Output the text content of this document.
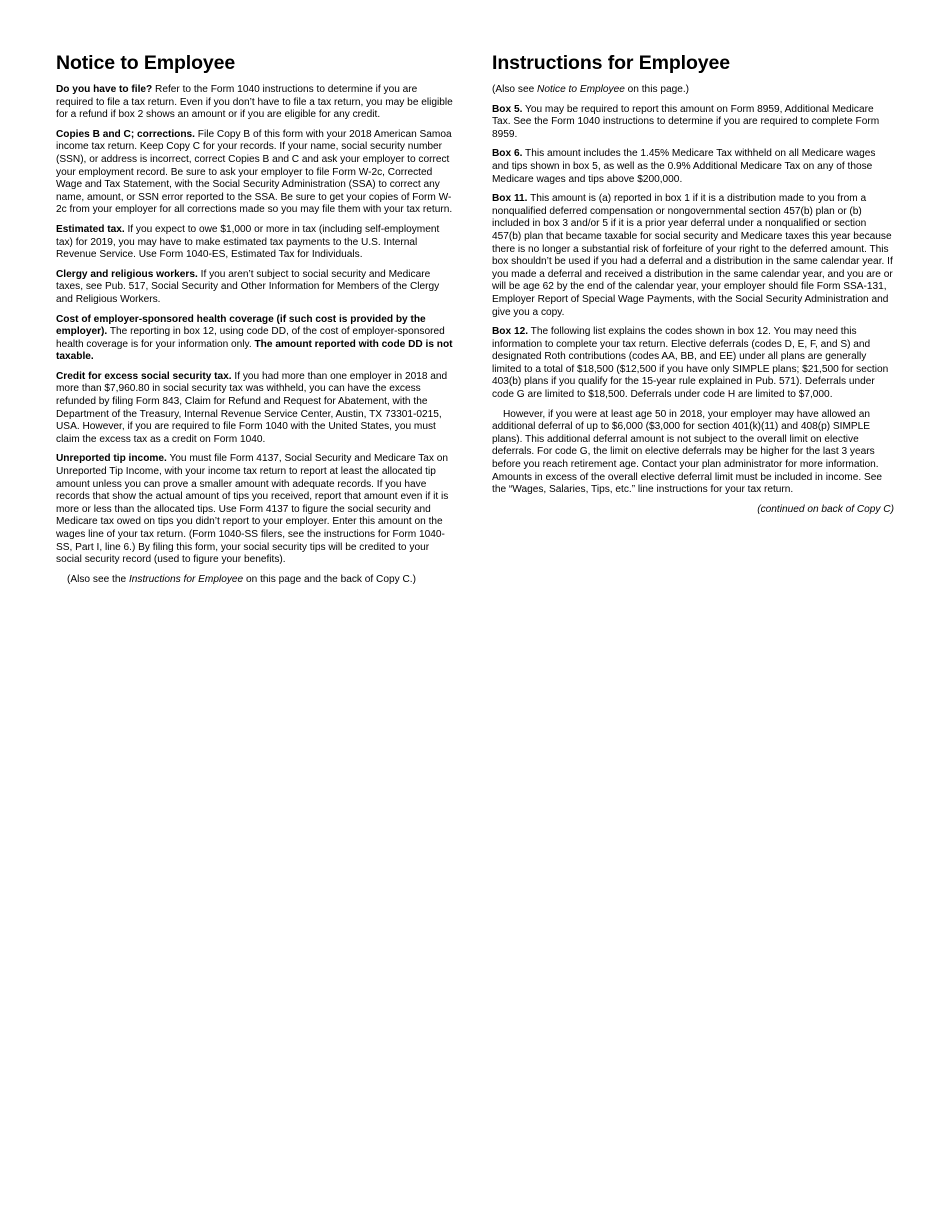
Notice to Employee

Do you have to file? Refer to the Form 1040 instructions to determine if you are required to file a tax return. Even if you don’t have to file a tax return, you may be eligible for a refund if box 2 shows an amount or if you are eligible for any credit.

Copies B and C; corrections. File Copy B of this form with your 2018 American Samoa income tax return. Keep Copy C for your records. If your name, social security number (SSN), or address is incorrect, correct Copies B and C and ask your employer to correct your employment record. Be sure to ask your employer to file Form W-2c, Corrected Wage and Tax Statement, with the Social Security Administration (SSA) to correct any name, amount, or SSN error reported to the SSA. Be sure to get your copies of Form W-2c from your employer for all corrections made so you may file them with your tax return.

Estimated tax. If you expect to owe $1,000 or more in tax (including self-employment tax) for 2019, you may have to make estimated tax payments to the U.S. Internal Revenue Service. Use Form 1040-ES, Estimated Tax for Individuals.

Clergy and religious workers. If you aren’t subject to social security and Medicare taxes, see Pub. 517, Social Security and Other Information for Members of the Clergy and Religious Workers.

Cost of employer-sponsored health coverage (if such cost is provided by the employer). The reporting in box 12, using code DD, of the cost of employer-sponsored health coverage is for your information only. The amount reported with code DD is not taxable.

Credit for excess social security tax. If you had more than one employer in 2018 and more than $7,960.80 in social security tax was withheld, you can have the excess refunded by filing Form 843, Claim for Refund and Request for Abatement, with the Department of the Treasury, Internal Revenue Service Center, Austin, TX 73301-0215, USA. However, if you are required to file Form 1040 with the United States, you must claim the excess tax as a credit on Form 1040.

Unreported tip income. You must file Form 4137, Social Security and Medicare Tax on Unreported Tip Income, with your income tax return to report at least the allocated tip amount unless you can prove a smaller amount with adequate records. If you have records that show the actual amount of tips you received, report that amount even if it is more or less than the allocated tips. Use Form 4137 to figure the social security and Medicare tax owed on tips you didn’t report to your employer. Enter this amount on the wages line of your tax return. (Form 1040-SS filers, see the instructions for Form 1040-SS, Part I, line 6.) By filing this form, your social security tips will be credited to your social security record (used to figure your benefits).

(Also see the Instructions for Employee on this page and the back of Copy C.)

Instructions for Employee

(Also see Notice to Employee on this page.)

Box 5. You may be required to report this amount on Form 8959, Additional Medicare Tax. See the Form 1040 instructions to determine if you are required to complete Form 8959.

Box 6. This amount includes the 1.45% Medicare Tax withheld on all Medicare wages and tips shown in box 5, as well as the 0.9% Additional Medicare Tax on any of those Medicare wages and tips above $200,000.

Box 11. This amount is (a) reported in box 1 if it is a distribution made to you from a nonqualified deferred compensation or nongovernmental section 457(b) plan or (b) included in box 3 and/or 5 if it is a prior year deferral under a nonqualified or section 457(b) plan that became taxable for social security and Medicare taxes this year because there is no longer a substantial risk of forfeiture of your right to the deferred amount. This box shouldn’t be used if you had a deferral and a distribution in the same calendar year. If you made a deferral and received a distribution in the same calendar year, and you are or will be age 62 by the end of the calendar year, your employer should file Form SSA-131, Employer Report of Special Wage Payments, with the Social Security Administration and give you a copy.

Box 12. The following list explains the codes shown in box 12. You may need this information to complete your tax return. Elective deferrals (codes D, E, F, and S) and designated Roth contributions (codes AA, BB, and EE) under all plans are generally limited to a total of $18,500 ($12,500 if you have only SIMPLE plans; $21,500 for section 403(b) plans if you qualify for the 15-year rule explained in Pub. 571). Deferrals under code G are limited to $18,500. Deferrals under code H are limited to $7,000.

However, if you were at least age 50 in 2018, your employer may have allowed an additional deferral of up to $6,000 ($3,000 for section 401(k)(11) and 408(p) SIMPLE plans). This additional deferral amount is not subject to the overall limit on elective deferrals. For code G, the limit on elective deferrals may be higher for the last 3 years before you reach retirement age. Contact your plan administrator for more information. Amounts in excess of the overall elective deferral limit must be included in income. See the “Wages, Salaries, Tips, etc.” line instructions for your tax return.

(continued on back of Copy C)
